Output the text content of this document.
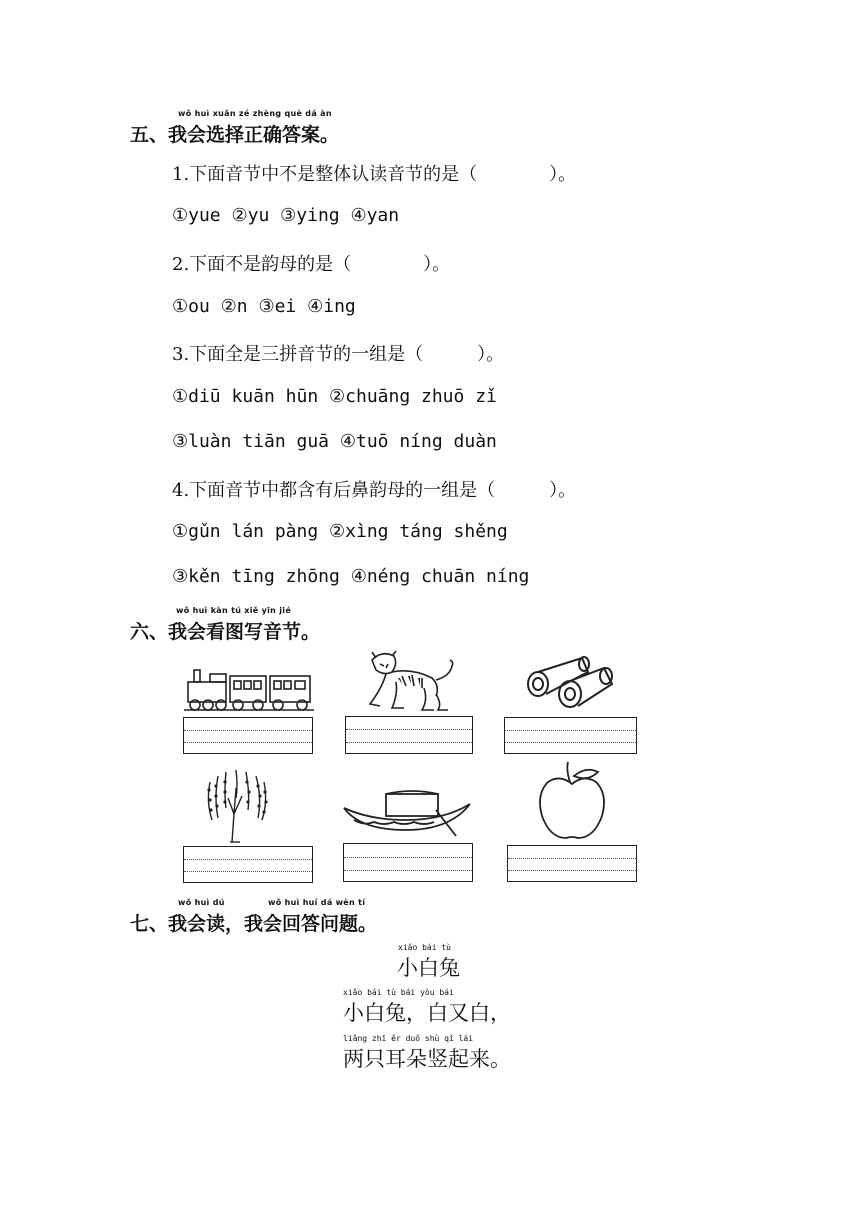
wǒ huì xuǎn zé zhèng què dá àn
五、我会选择正确答案。
1.下面音节中不是整体认读音节的是（　　　　）。
①yue ②yu ③ying ④yan
2.下面不是韵母的是（　　　　）。
①ou ②n ③ei ④ing
3.下面全是三拼音节的一组是（　　　）。
①diū kuān hūn ②chuāng zhuō zǐ
③luàn tiān guā ④tuō níng duàn
4.下面音节中都含有后鼻韵母的一组是（　　　）。
①gǔn lán pàng ②xìng táng shěng
③kěn tīng zhōng ④néng chuān níng
wǒ huì kàn tú xiě yīn jié
六、我会看图写音节。
wǒ huì dú	wǒ huì huí dá wèn tí
七、我会读，我会回答问题。
xiǎo bái tù
小白兔
xiǎo bái tù bái yòu bái
小白兔，白又白，
liǎng zhī ěr duǒ shù qǐ lái
两只耳朵竖起来。
